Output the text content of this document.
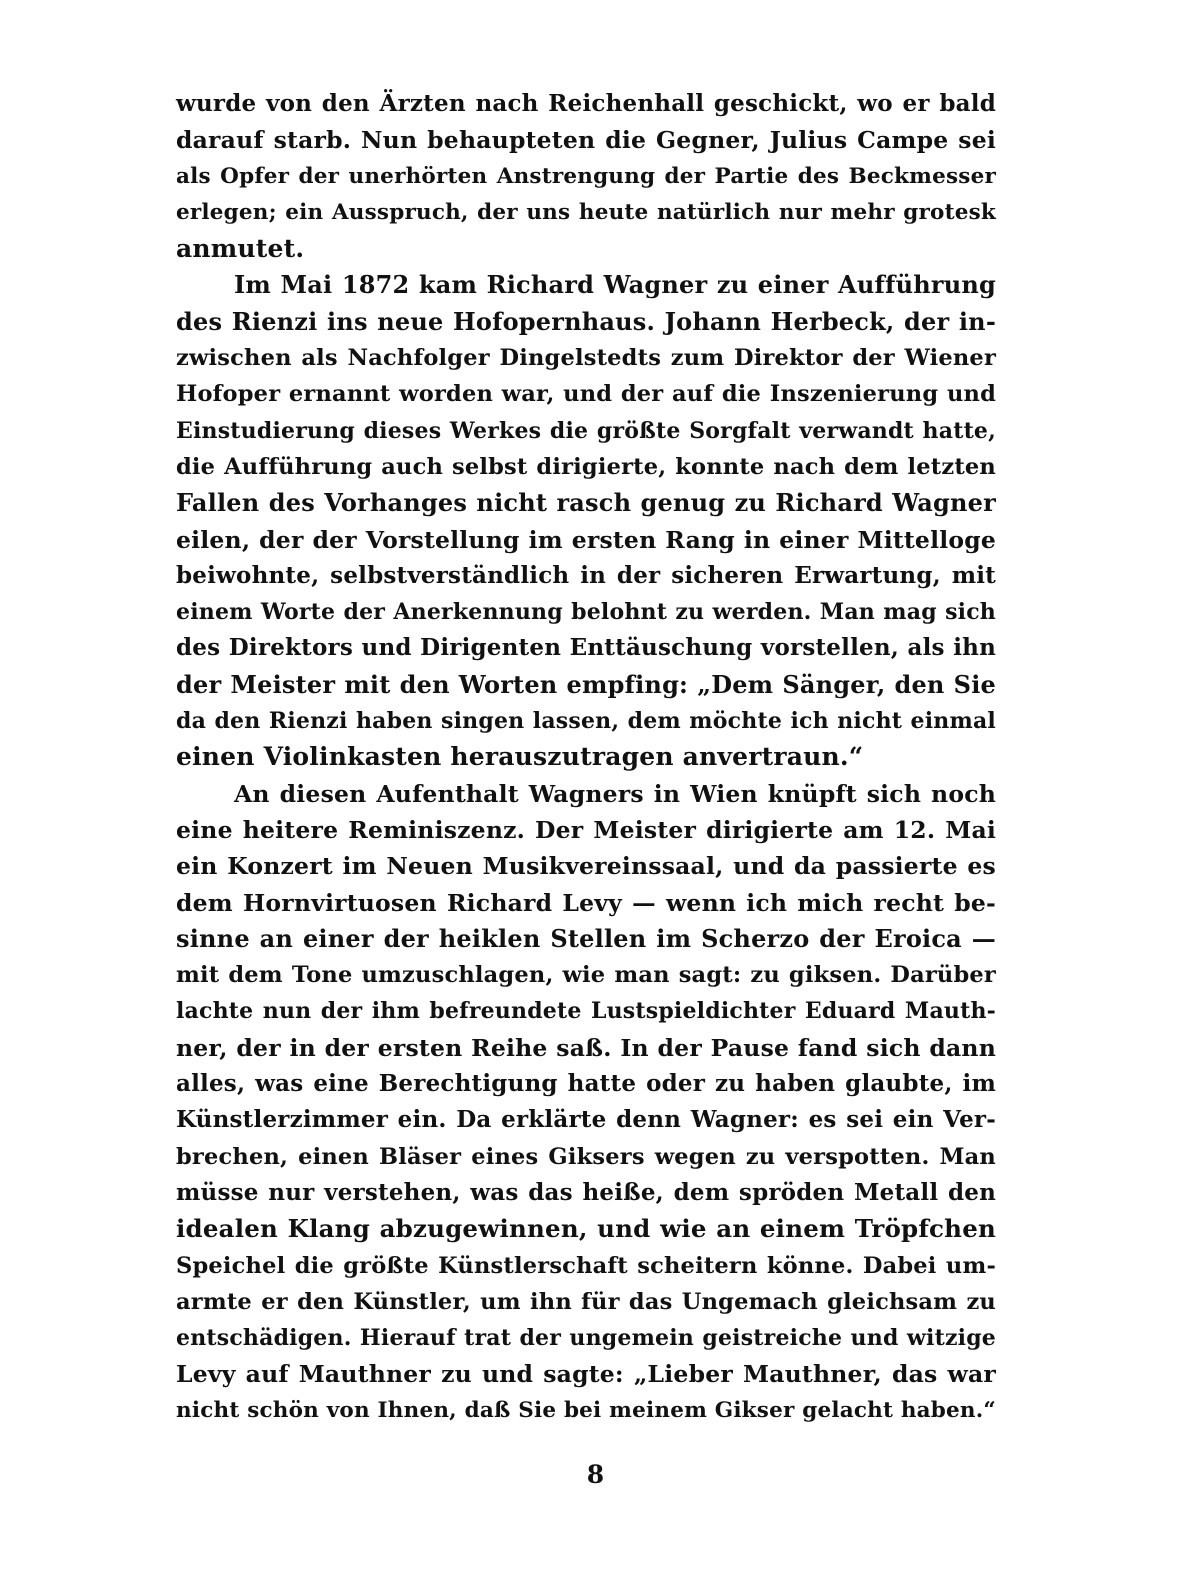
wurde von den Ärzten nach Reichenhall geschickt, wo er bald
darauf starb. Nun behaupteten die Gegner, Julius Campe sei
als Opfer der unerhörten Anstrengung der Partie des Beckmesser
erlegen; ein Ausspruch, der uns heute natürlich nur mehr grotesk
anmutet.
Im Mai 1872 kam Richard Wagner zu einer Aufführung
des Rienzi ins neue Hofopernhaus. Johann Herbeck, der in-
zwischen als Nachfolger Dingelstedts zum Direktor der Wiener
Hofoper ernannt worden war, und der auf die Inszenierung und
Einstudierung dieses Werkes die größte Sorgfalt verwandt hatte,
die Aufführung auch selbst dirigierte, konnte nach dem letzten
Fallen des Vorhanges nicht rasch genug zu Richard Wagner
eilen, der der Vorstellung im ersten Rang in einer Mittelloge
beiwohnte, selbstverständlich in der sicheren Erwartung, mit
einem Worte der Anerkennung belohnt zu werden. Man mag sich
des Direktors und Dirigenten Enttäuschung vorstellen, als ihn
der Meister mit den Worten empfing: „Dem Sänger, den Sie
da den Rienzi haben singen lassen, dem möchte ich nicht einmal
einen Violinkasten herauszutragen anvertraun.“
An diesen Aufenthalt Wagners in Wien knüpft sich noch
eine heitere Reminiszenz. Der Meister dirigierte am 12. Mai
ein Konzert im Neuen Musikvereinssaal, und da passierte es
dem Hornvirtuosen Richard Levy — wenn ich mich recht be-
sinne an einer der heiklen Stellen im Scherzo der Eroica —
mit dem Tone umzuschlagen, wie man sagt: zu giksen. Darüber
lachte nun der ihm befreundete Lustspieldichter Eduard Mauth-
ner, der in der ersten Reihe saß. In der Pause fand sich dann
alles, was eine Berechtigung hatte oder zu haben glaubte, im
Künstlerzimmer ein. Da erklärte denn Wagner: es sei ein Ver-
brechen, einen Bläser eines Giksers wegen zu verspotten. Man
müsse nur verstehen, was das heiße, dem spröden Metall den
idealen Klang abzugewinnen, und wie an einem Tröpfchen
Speichel die größte Künstlerschaft scheitern könne. Dabei um-
armte er den Künstler, um ihn für das Ungemach gleichsam zu
entschädigen. Hierauf trat der ungemein geistreiche und witzige
Levy auf Mauthner zu und sagte: „Lieber Mauthner, das war
nicht schön von Ihnen, daß Sie bei meinem Gikser gelacht haben.“
8
